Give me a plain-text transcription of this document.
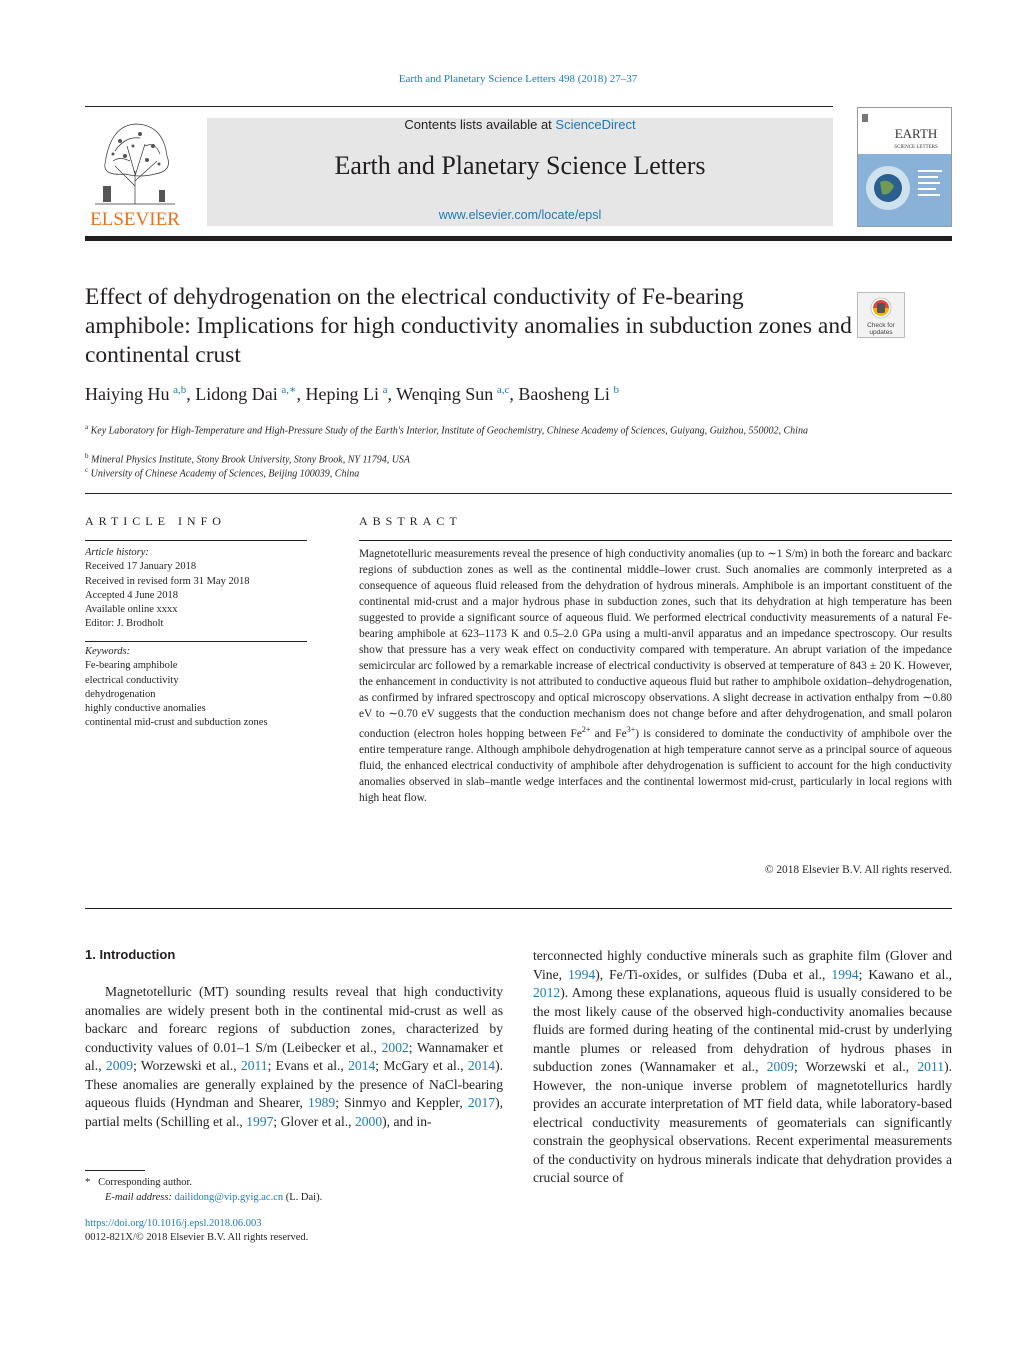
Earth and Planetary Science Letters 498 (2018) 27–37
ELSEVIER
Contents lists available at ScienceDirect
Earth and Planetary Science Letters
www.elsevier.com/locate/epsl
EARTH
SCIENCE LETTERS
Effect of dehydrogenation on the electrical conductivity of Fe-bearing amphibole: Implications for high conductivity anomalies in subduction zones and continental crust
Check for
updates
Haiying Hu  $^{a,b}$, Lidong Dai  $^{a,∗}$, Heping Li  $^a$, Wenqing Sun  $^{a,c}$, Baosheng Li  $^b$
$^a$ Key Laboratory for High-Temperature and High-Pressure Study of the Earth's Interior, Institute of Geochemistry, Chinese Academy of Sciences, Guiyang, Guizhou, 550002, China
$^b$ Mineral Physics Institute, Stony Brook University, Stony Brook, NY 11794, USA
$^c$ University of Chinese Academy of Sciences, Beijing 100039, China
ARTICLE INFO
Article history:
Received 17 January 2018
Received in revised form 31 May 2018
Accepted 4 June 2018
Available online xxxx
Editor: J. Brodholt
Keywords:
Fe-bearing amphibole
electrical conductivity
dehydrogenation
highly conductive anomalies
continental mid-crust and subduction zones
ABSTRACT
Magnetotelluric measurements reveal the presence of high conductivity anomalies (up to ∼1 S/m) in both the forearc and backarc regions of subduction zones as well as the continental middle–lower crust. Such anomalies are commonly interpreted as a consequence of aqueous fluid released from the dehydration of hydrous minerals. Amphibole is an important constituent of the continental mid-crust and a major hydrous phase in subduction zones, such that its dehydration at high temperature has been suggested to provide a significant source of aqueous fluid. We performed electrical conductivity measurements of a natural Fe-bearing amphibole at 623–1173 K and 0.5–2.0 GPa using a multi-anvil apparatus and an impedance spectroscopy. Our results show that pressure has a very weak effect on conductivity compared with temperature. An abrupt variation of the impedance semicircular arc followed by a remarkable increase of electrical conductivity is observed at temperature of 843 ± 20 K. However, the enhancement in conductivity is not attributed to conductive aqueous fluid but rather to amphibole oxidation–dehydrogenation, as confirmed by infrared spectroscopy and optical microscopy observations. A slight decrease in activation enthalpy from ∼0.80 eV to ∼0.70 eV suggests that the conduction mechanism does not change before and after dehydrogenation, and small polaron conduction (electron holes hopping between $Fe^{2+}$ and $Fe^{3+}$) is considered to dominate the conductivity of amphibole over the entire temperature range. Although amphibole dehydrogenation at high temperature cannot serve as a principal source of aqueous fluid, the enhanced electrical conductivity of amphibole after dehydrogenation is sufficient to account for the high conductivity anomalies observed in slab–mantle wedge interfaces and the continental lowermost mid-crust, particularly in local regions with high heat flow.
© 2018 Elsevier B.V. All rights reserved.
1. Introduction
Magnetotelluric (MT) sounding results reveal that high conductivity anomalies are widely present both in the continental mid-crust as well as backarc and forearc regions of subduction zones, characterized by conductivity values of 0.01–1 S/m (Leibecker et al., 2002; Wannamaker et al., 2009; Worzewski et al., 2011; Evans et al., 2014; McGary et al., 2014). These anomalies are generally explained by the presence of NaCl-bearing aqueous fluids (Hyndman and Shearer, 1989; Sinmyo and Keppler, 2017), partial melts (Schilling et al., 1997; Glover et al., 2000), and in-
terconnected highly conductive minerals such as graphite film (Glover and Vine, 1994), Fe/Ti-oxides, or sulfides (Duba et al., 1994; Kawano et al., 2012). Among these explanations, aqueous fluid is usually considered to be the most likely cause of the observed high-conductivity anomalies because fluids are formed during heating of the continental mid-crust by underlying mantle plumes or released from dehydration of hydrous phases in subduction zones (Wannamaker et al., 2009; Worzewski et al., 2011). However, the non-unique inverse problem of magnetotellurics hardly provides an accurate interpretation of MT field data, while laboratory-based electrical conductivity measurements of geomaterials can significantly constrain the geophysical observations. Recent experimental measurements of the conductivity on hydrous minerals indicate that dehydration provides a crucial source of
* Corresponding author.
E-mail address: dailidong@vip.gyig.ac.cn (L. Dai).
https://doi.org/10.1016/j.epsl.2018.06.003
0012-821X/© 2018 Elsevier B.V. All rights reserved.
